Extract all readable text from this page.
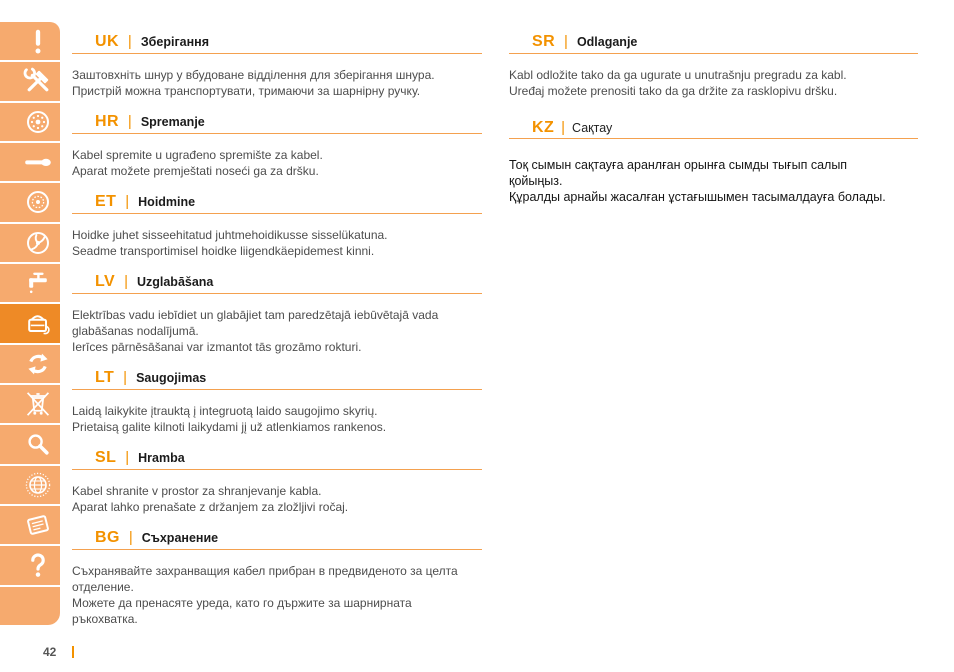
UK | Зберігання
Заштовхніть шнур у вбудоване відділення для зберігання шнура.
Пристрій можна транспортувати, тримаючи за шарнірну ручку.
HR | Spremanje
Kabel spremite u ugrađeno spremište za kabel.
Aparat možete premještati noseći ga za dršku.
ET | Hoidmine
Hoidke juhet sisseehitatud juhtmehoidikusse sisselükatuna.
Seadme transportimisel hoidke liigendkäepidemest kinni.
LV | Uzglabāšana
Elektrības vadu iebīdiet un glabājiet tam paredzētajā iebūvētajā vada
glabāšanas nodalījumā.
Ierīces pārnēsāšanai var izmantot tās grozāmo rokturi.
LT | Saugojimas
Laidą laikykite įtrauktą į integruotą laido saugojimo skyrių.
Prietaisą galite kilnoti laikydami jį už atlenkiamos rankenos.
SL | Hramba
Kabel shranite v prostor za shranjevanje kabla.
Aparat lahko prenašate z držanjem za zložljivi ročaj.
BG | Съхранение
Съхранявайте захранващия кабел прибран в предвиденото за целта
отделение.
Можете да пренасяте уреда, като го държите за шарнирната
ръкохватка.
SR | Odlaganje
Kabl odložite tako da ga ugurate u unutrašnju pregradu za kabl.
Uređaj možete prenositi tako da ga držite za rasklopivu dršku.
KZ | Сақтау
Тоқ сымын сақтауға аранлған орынға сымды тығып салып
қойыңыз.
Құралды арнайы жасалған ұстағышымен тасымалдауға болады.
42
